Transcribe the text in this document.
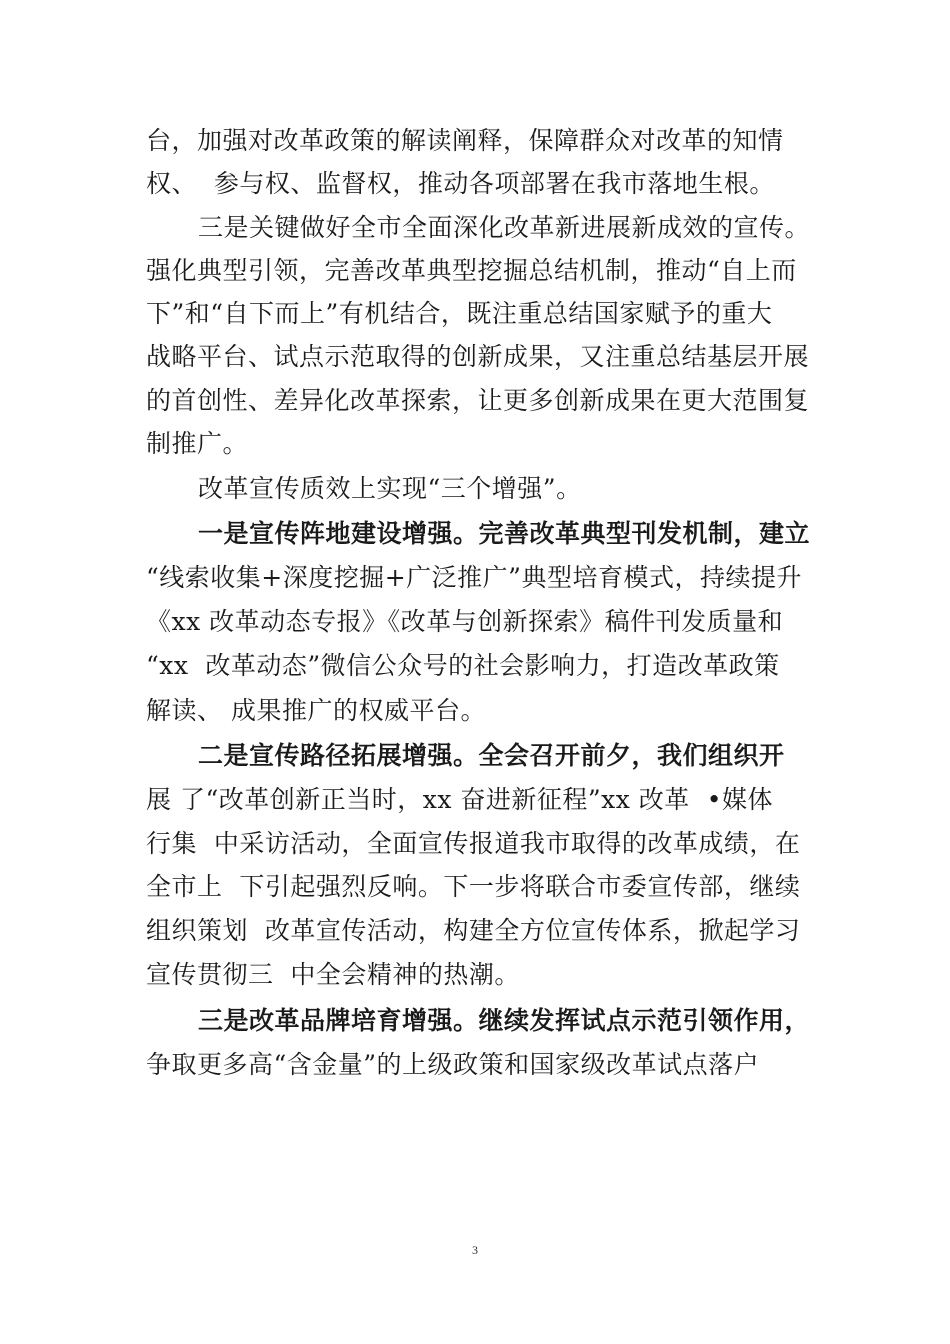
台，加强对改革政策的解读阐释，保障群众对改革的知情
权、  参与权、监督权，推动各项部署在我市落地生根。
三是关键做好全市全面深化改革新进展新成效的宣传。
强化典型引领，完善改革典型挖掘总结机制，推动“自上而
下”和“自下而上”有机结合，既注重总结国家赋予的重大
战略平台、试点示范取得的创新成果，又注重总结基层开展
的首创性、差异化改革探索，让更多创新成果在更大范围复
制推广。
改革宣传质效上实现“三个增强”。
一是宣传阵地建设增强。完善改革典型刊发机制，建立
“线索收集+深度挖掘+广泛推广”典型培育模式，持续提升
《xx 改革动态专报》《改革与创新探索》稿件刊发质量和
“xx  改革动态”微信公众号的社会影响力，打造改革政策
解读、 成果推广的权威平台。
二是宣传路径拓展增强。全会召开前夕，我们组织开
展 了“改革创新正当时，xx 奋进新征程”xx 改革  •媒体
行集  中采访活动，全面宣传报道我市取得的改革成绩，在
全市上  下引起强烈反响。下一步将联合市委宣传部，继续
组织策划  改革宣传活动，构建全方位宣传体系，掀起学习
宣传贯彻三  中全会精神的热潮。
三是改革品牌培育增强。继续发挥试点示范引领作用，
争取更多高“含金量”的上级政策和国家级改革试点落户
3
